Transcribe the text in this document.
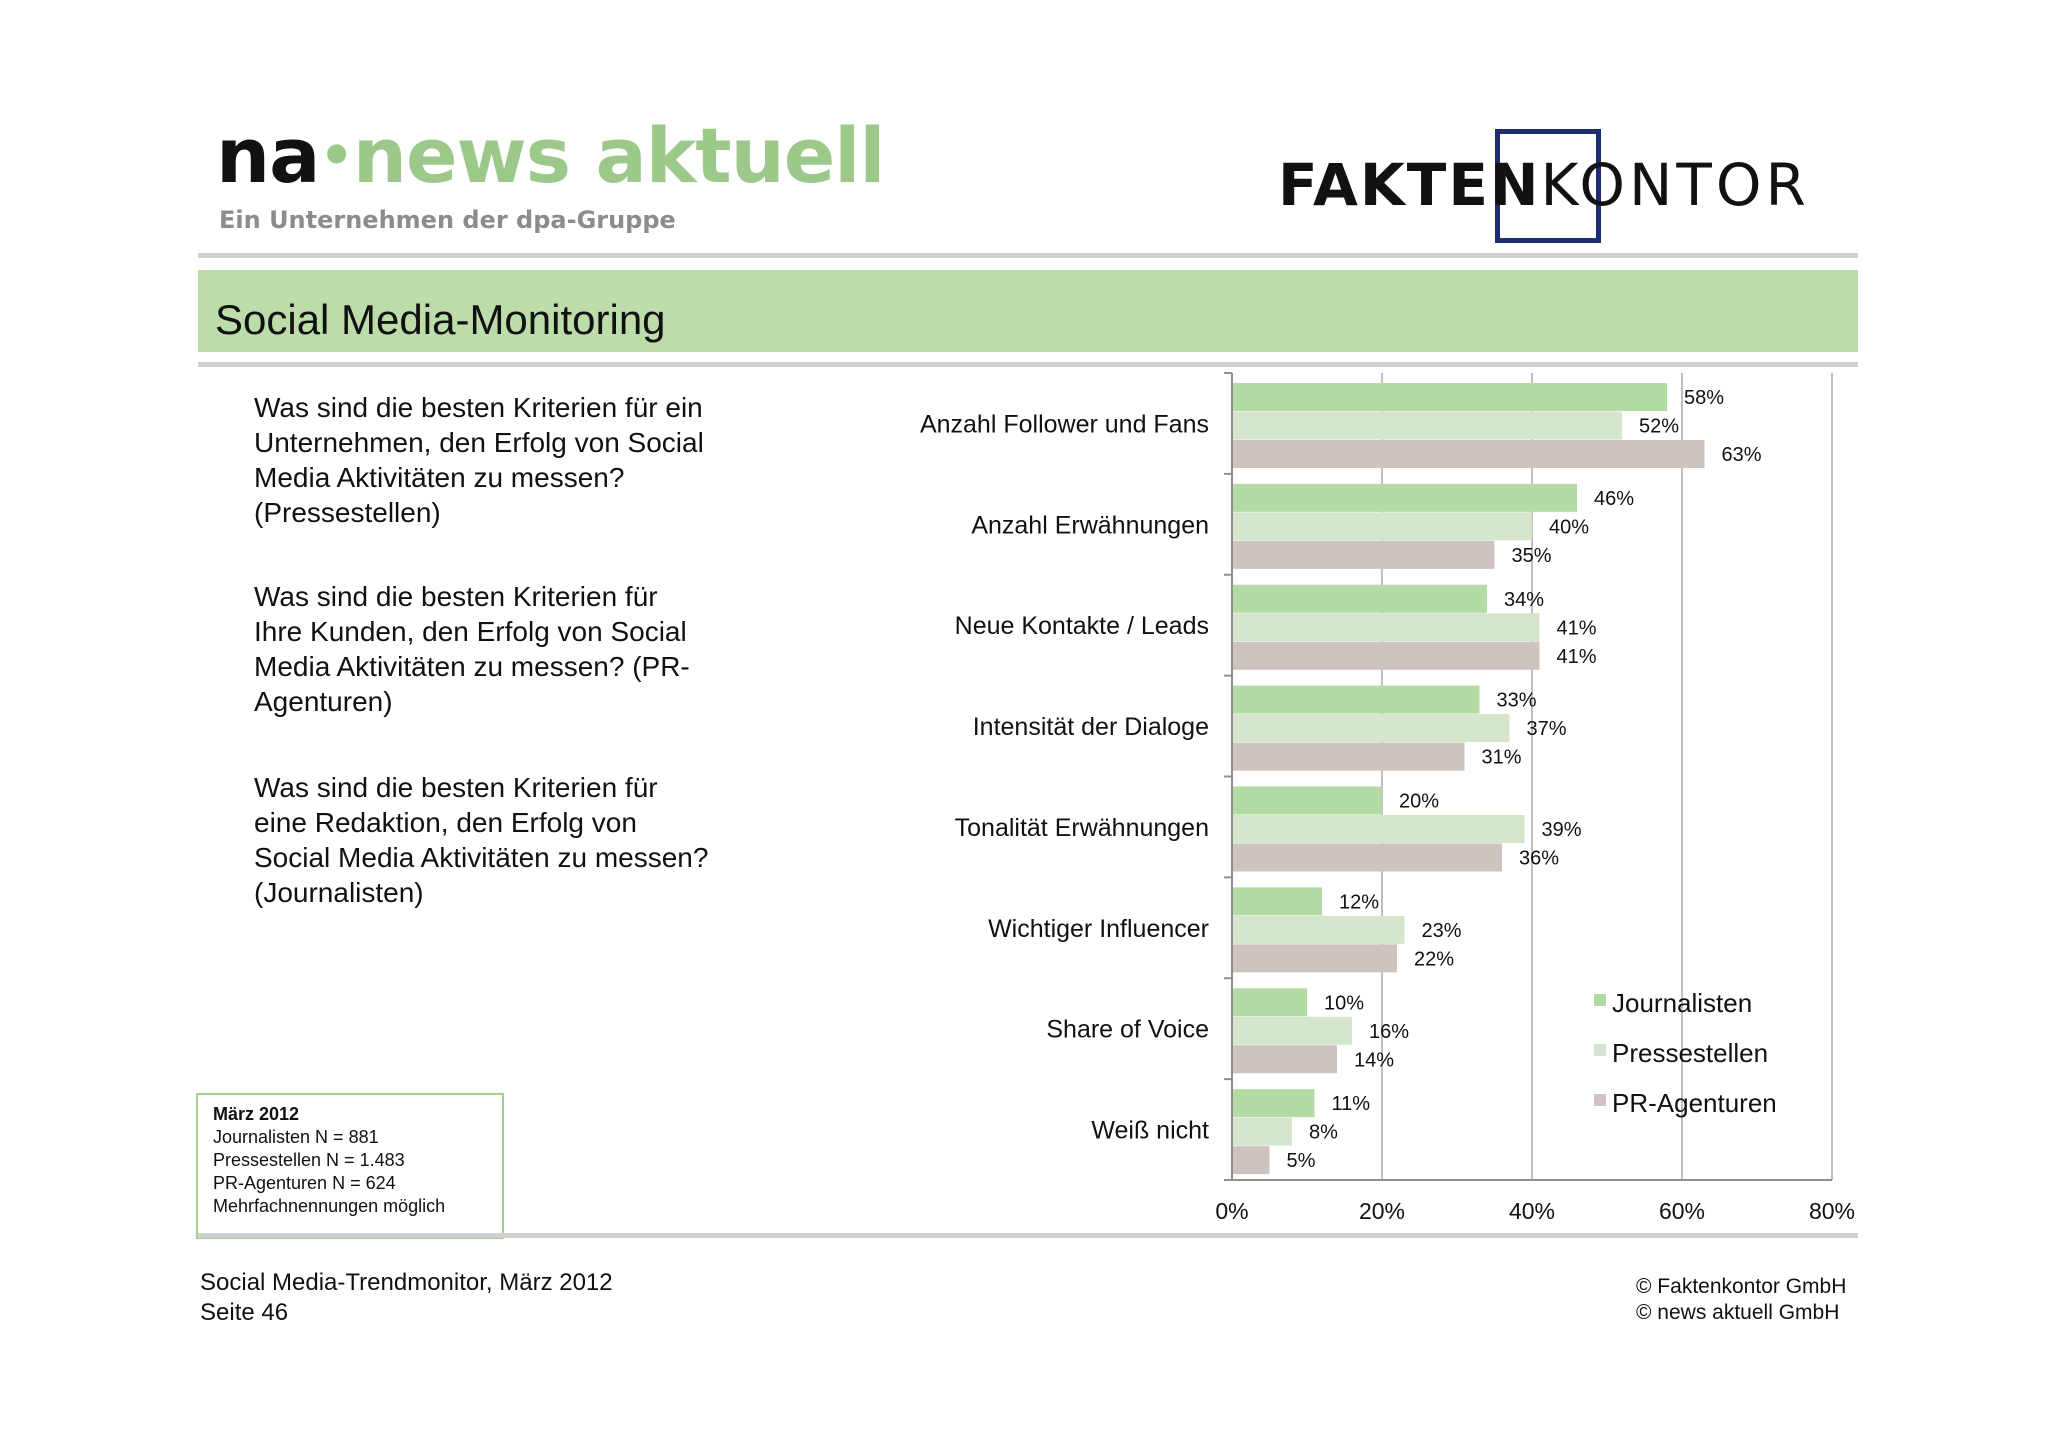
na•news aktuell
Ein Unternehmen der dpa-Gruppe
FAKTENKONTOR
Social Media-Monitoring
Was sind die besten Kriterien für ein
Unternehmen, den Erfolg von Social
Media Aktivitäten zu messen?
(Pressestellen)
Was sind die besten Kriterien für
Ihre Kunden, den Erfolg von Social
Media Aktivitäten zu messen? (PR-
Agenturen)
Was sind die besten Kriterien für
eine Redaktion, den Erfolg von
Social Media Aktivitäten zu messen?
(Journalisten)
März 2012
Journalisten N = 881
Pressestellen N = 1.483
PR-Agenturen N = 624
Mehrfachnennungen möglich
Social Media-Trendmonitor, März 2012
Seite 46
© Faktenkontor GmbH
© news aktuell GmbH
0%	20%	40%	60%	80%
Anzahl Follower und Fans
58%
52%
63%
Anzahl Erwähnungen
46%
40%
35%
Neue Kontakte / Leads
34%
41%
41%
Intensität der Dialoge
33%
37%
31%
Tonalität Erwähnungen
20%
39%
36%
Wichtiger Influencer
12%
23%
22%
Share of Voice
10%
16%
14%
Weiß nicht
11%
8%
5%
Journalisten
Pressestellen
PR-Agenturen
